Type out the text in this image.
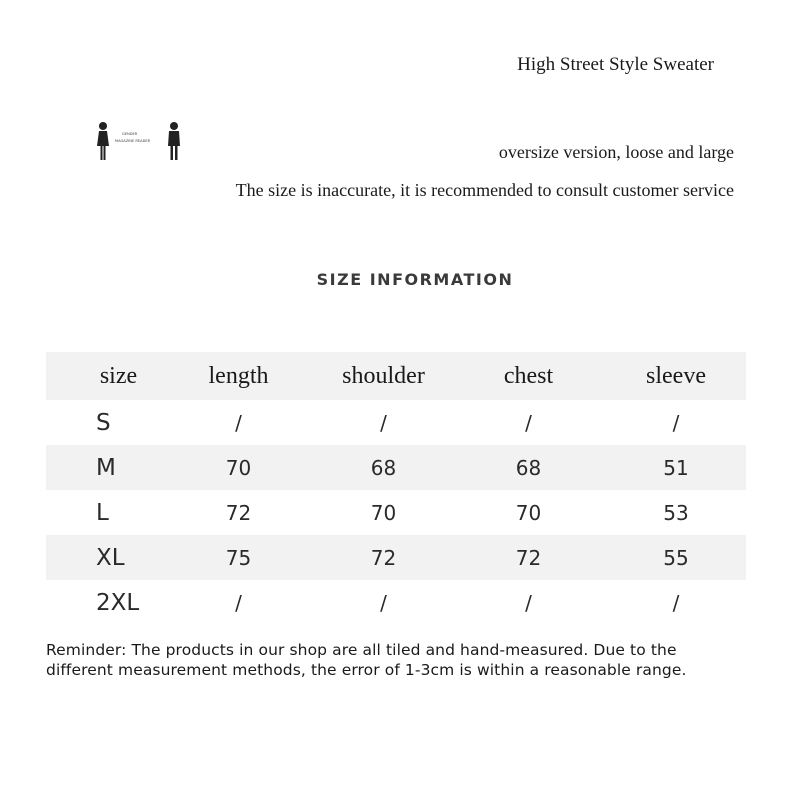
High Street Style Sweater
GENDER
MAGAZINE READER
oversize version, loose and large
The size is inaccurate, it is recommended to consult customer service
SIZE INFORMATION
size	length	shoulder	chest	sleeve
S	/	/	/	/
M	70	68	68	51
L	72	70	70	53
XL	75	72	72	55
2XL	/	/	/	/
Reminder: The products in our shop are all tiled and hand-measured. Due to the
different measurement methods, the error of 1-3cm is within a reasonable range.
